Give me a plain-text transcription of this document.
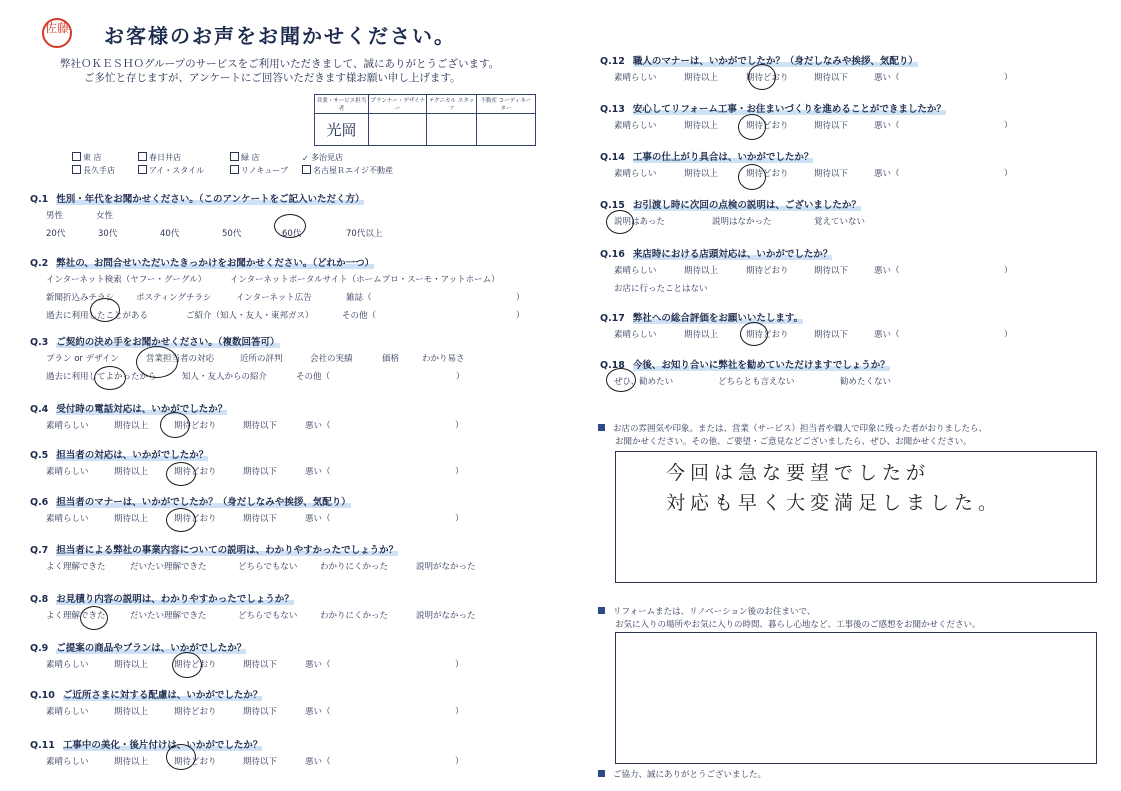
佐藤 お客様のお声をお聞かせください。
弊社ＯＫＥＳＨＯグループのサービスをご利用いただきまして、誠にありがとうございます。
ご多忙と存じますが、アンケートにご回答いただきます様お願い申し上げます。
営業・サービス担当者	プランナー・デザイナー	テクニカル スタッフ	不動産 コーディネーター
光岡			
東 店	春日井店	緑 店	✓ 多治見店
長久手店	アイ・スタイル	リノキューブ	名古屋Ｒエイジ不動産
Q.1 性別・年代をお聞かせください。（このアンケートをご記入いただく方）
男性	女性
20代	30代	40代	50代	60代	70代以上
Q.2 弊社の、お問合せいただいたきっかけをお聞かせください。（どれか一つ）
インターネット検索（ヤフー・グーグル）	インターネットポータルサイト（ホームプロ・スーモ・アットホーム）
新聞折込みチラシ	ポスティングチラシ	インターネット広告	雑誌（	）
過去に利用したことがある	ご紹介（知人・友人・東邦ガス）	その他（	）
Q.3 ご契約の決め手をお聞かせください。（複数回答可）
プラン or デザイン	営業担当者の対応	近所の評判	会社の実績	価格	わかり易さ
過去に利用してよかったから	知人・友人からの紹介	その他（	）
Q.4 受付時の電話対応は、いかがでしたか？
素晴らしい	期待以上	期待どおり	期待以下	悪い（	）
Q.5 担当者の対応は、いかがでしたか？
素晴らしい	期待以上	期待どおり	期待以下	悪い（	）
Q.6 担当者のマナーは、いかがでしたか？（身だしなみや挨拶、気配り）
素晴らしい	期待以上	期待どおり	期待以下	悪い（	）
Q.7 担当者による弊社の事業内容についての説明は、わかりやすかったでしょうか？
よく理解できた	だいたい理解できた	どちらでもない	わかりにくかった	説明がなかった
Q.8 お見積り内容の説明は、わかりやすかったでしょうか？
よく理解できた	だいたい理解できた	どちらでもない	わかりにくかった	説明がなかった
Q.9 ご提案の商品やプランは、いかがでしたか？
素晴らしい	期待以上	期待どおり	期待以下	悪い（	）
Q.10 ご近所さまに対する配慮は、いかがでしたか？
素晴らしい	期待以上	期待どおり	期待以下	悪い（	）
Q.11 工事中の美化・後片付けは、いかがでしたか？
素晴らしい	期待以上	期待どおり	期待以下	悪い（	）
Q.12 職人のマナーは、いかがでしたか？（身だしなみや挨拶、気配り）
素晴らしい	期待以上	期待どおり	期待以下	悪い（	）
Q.13 安心してリフォーム工事・お住まいづくりを進めることができましたか？
素晴らしい	期待以上	期待どおり	期待以下	悪い（	）
Q.14 工事の仕上がり具合は、いかがでしたか？
素晴らしい	期待以上	期待どおり	期待以下	悪い（	）
Q.15 お引渡し時に次回の点検の説明は、ございましたか？
説明はあった	説明はなかった	覚えていない
Q.16 来店時における店頭対応は、いかがでしたか？
素晴らしい	期待以上	期待どおり	期待以下	悪い（	）
お店に行ったことはない
Q.17 弊社への総合評価をお願いいたします。
素晴らしい	期待以上	期待どおり	期待以下	悪い（	）
Q.18 今後、お知り合いに弊社を勧めていただけますでしょうか？
ぜひ、勧めたい	どちらとも言えない	勧めたくない
お店の雰囲気や印象。または、営業（サービス）担当者や職人で印象に残った者がおりましたら、
お聞かせください。その他、ご要望・ご意見などございましたら、ぜひ、お聞かせください。
今回は急な要望でしたが
対応も早く大変満足しました。
リフォームまたは、リノベーション後のお住まいで、
お気に入りの場所やお気に入りの時間、暮らし心地など、工事後のご感想をお聞かせください。
ご協力、誠にありがとうございました。
